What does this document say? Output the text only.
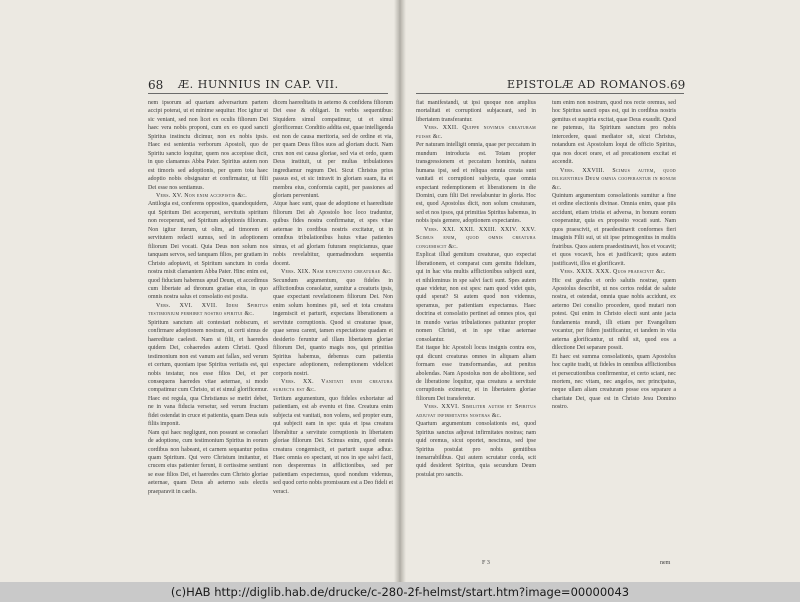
68 Æ. HUNNIUS IN CAP. VII.

nem ipsorum ad quartam adversarium partem accipi poterat, ut et minime sequitur. Hoc igitur ut sic veniant, sed non licet ex oculis filiorum Dei haec vera nobis proponi, cum ex eo quod sancti Spiritus instinctu dicimur, non ex nobis ipsis. Haec est sententia verborum Apostoli, quo de Spiritu sancto loquitur, quem nos accepisse dicit, in quo clamamus Abba Pater. Spiritus autem non est timoris sed adoptionis, per quem tota haec adoptio nobis obsignatur et confirmatur, ut filii Dei esse nos sentiamus.

Vers. XV. Non enim accepistis &c.

Antilogia est, conferens oppositos, quandoquidem, qui Spiritum Dei acceperunt, servitutis spiritum non receperunt, sed Spiritum adoptionis filiorum. Non igitur iterum, ut olim, ad timorem et servitutem redacti sumus, sed in adoptionem filiorum Dei vocati. Quia Deus non solum nos tanquam servos, sed tanquam filios, per gratiam in Christo adoptavit, et Spiritum sanctum in corda nostra misit clamantem Abba Pater. Hinc enim est, quod fiduciam habemus apud Deum, et accedimus cum libertate ad thronum gratiae eius, in quo omnis nostra salus et consolatio est posita.

Vers. XVI. XVII. Idem Spiritus testimonium perhibet nostro spiritui &c.

Spiritum sanctum ait contestari nobiscum, et confirmare adoptionem nostram, ut certi simus de haereditate caelesti. Nam si filii, et haeredes quidem Dei, cohaeredes autem Christi. Quod testimonium non est vanum aut fallax, sed verum et certum, quoniam ipse Spiritus veritatis est, qui nobis testatur, nos esse filios Dei, et per consequens haeredes vitae aeternae, si modo compatimur cum Christo, ut et simul glorificemur. Haec est regula, qua Christianus se metiri debet, ne in vana fiducia versetur, sed verum fructum fidei ostendat in cruce et patientia, quam Deus suis filiis imponit.

Nam qui haec negligunt, non possunt se consolari de adoptione, cum testimonium Spiritus in eorum cordibus non habeant, et carnem sequantur potius quam Spiritum. Qui vero Christum imitantur, et crucem eius patienter ferunt, ii certissime sentiunt se esse filios Dei, et haeredes cum Christo gloriae aeternae, quam Deus ab aeterno suis electis praeparavit in caelis.

dicem haereditatis in aeterno & confidens filiorum Dei esse & obligari. In verbis sequentibus: Siquidem simul compatimur, ut et simul glorificemur. Conditio addita est, quae intelligenda est non de causa meritoria, sed de ordine et via, per quam Deus filios suos ad gloriam ducit. Nam crux non est causa gloriae, sed via et ordo, quem Deus instituit, ut per multas tribulationes ingrediamur regnum Dei. Sicut Christus prius passus est, et sic intravit in gloriam suam, ita et membra eius, conformia capiti, per passiones ad gloriam perveniunt.

Atque haec sunt, quae de adoptione et haereditate filiorum Dei ab Apostolo hoc loco traduntur, quibus fides nostra confirmatur, et spes vitae aeternae in cordibus nostris excitatur, ut in omnibus tribulationibus huius vitae patientes simus, et ad gloriam futuram respiciamus, quae nobis revelabitur, quemadmodum sequentia docent.

Vers. XIX. Nam expectatio creaturae &c.

Secundum argumentum, quo fideles in afflictionibus consolatur, sumitur a creaturis ipsis, quae expectant revelationem filiorum Dei. Non enim solum homines pii, sed et tota creatura ingemiscit et parturit, expectans liberationem a servitute corruptionis. Quod si creaturae ipsae, quae sensu carent, tamen expectatione quadam et desiderio feruntur ad illam libertatem gloriae filiorum Dei, quanto magis nos, qui primitias Spiritus habemus, debemus cum patientia expectare adoptionem, redemptionem videlicet corporis nostri.

Vers. XX. Vanitati enim creatura subjecta est &c.

Tertium argumentum, quo fideles exhortatur ad patientiam, est ab eventu et fine. Creatura enim subjecta est vanitati, non volens, sed propter eum, qui subjecit eam in spe: quia et ipsa creatura liberabitur a servitute corruptionis in libertatem gloriae filiorum Dei. Scimus enim, quod omnis creatura congemiscit, et parturit usque adhuc. Haec omnia eo spectant, ut nos in spe salvi facti, non desperemus in afflictionibus, sed per patientiam expectemus, quod nondum videmus, sed quod certo nobis promissum est a Deo fideli et veraci.

EPISTOLÆ AD ROMANOS. 69

fiat manifestandi, ut ipsi quoque non amplius mortalitati et corruptioni subjaceant, sed in libertatem transferantur.

Vers. XXII. Quippe novimus creaturam fuisse &c.

Per naturam intelligit omnia, quae per peccatum in mundum introducta est. Totam propter transgressionem et peccatum hominis, natura humana ipsi, sed et reliqua omnia creata sunt vanitati et corruptioni subjecta, quae omnia expectant redemptionem et liberationem in die Domini, cum filii Dei revelabuntur in gloria. Hoc est, quod Apostolus dicit, non solum creaturam, sed et nos ipsos, qui primitias Spiritus habemus, in nobis ipsis gemere, adoptionem expectantes.

Vers. XXI. XXII. XXIII. XXIV. XXV. Scimus enim, quod omnis creatura congemiscit &c.

Explicat illud gemitum creaturae, quo expectat liberationem, et comparat cum gemitu fidelium, qui in hac vita multis afflictionibus subjecti sunt, et nihilominus in spe salvi facti sunt. Spes autem quae videtur, non est spes: nam quod videt quis, quid sperat? Si autem quod non videmus, speramus, per patientiam expectamus. Haec doctrina et consolatio pertinet ad omnes pios, qui in mundo varias tribulationes patiuntur propter nomen Christi, et in spe vitae aeternae consolantur.

Est itaque hic Apostoli locus insignis contra eos, qui dicunt creaturas omnes in aliquam aliam formam esse transformandas, aut penitus abolendas. Nam Apostolus non de abolitione, sed de liberatione loquitur, qua creatura a servitute corruptionis eximetur, et in libertatem gloriae filiorum Dei transferetur.

Vers. XXVI. Similiter autem et Spiritus adjuvat infirmitates nostras &c.

Quartum argumentum consolationis est, quod Spiritus sanctus adjuvat infirmitates nostras; nam quid oremus, sicut oportet, nescimus, sed ipse Spiritus postulat pro nobis gemitibus inenarrabilibus. Qui autem scrutatur corda, scit quid desideret Spiritus, quia secundum Deum postulat pro sanctis.

tum enim non nostrum, quod nos recte oremus, sed hoc Spiritus sancti opus est, qui in cordibus nostris gemitus et suspiria excitat, quae Deus exaudit. Quod ne putemus, ita Spiritum sanctum pro nobis intercedere, quasi mediator sit, sicut Christus, notandum est Apostolum loqui de officio Spiritus, qua nos docet orare, et ad precationem excitat et accendit.

Vers. XXVIII. Scimus autem, quod diligentibus Deum omnia cooperantur in bonum &c.

Quintum argumentum consolationis sumitur a fine et ordine electionis divinae. Omnia enim, quae piis accidunt, etiam tristia et adversa, in bonum eorum cooperantur, quia ex proposito vocati sunt. Nam quos praescivit, et praedestinavit conformes fieri imaginis Filii sui, ut sit ipse primogenitus in multis fratribus. Quos autem praedestinavit, hos et vocavit; et quos vocavit, hos et justificavit; quos autem justificavit, illos et glorificavit.

Vers. XXIX. XXX. Quos praescivit &c.

Hic est gradus et ordo salutis nostrae, quem Apostolus describit, ut nos certos reddat de salute nostra, et ostendat, omnia quae nobis accidunt, ex aeterno Dei consilio procedere, quod mutari non potest. Qui enim in Christo electi sunt ante jacta fundamenta mundi, illi etiam per Evangelium vocantur, per fidem justificantur, et tandem in vita aeterna glorificantur, ut nihil sit, quod eos a dilectione Dei separare possit.

Et haec est summa consolationis, quam Apostolus hoc capite tradit, ut fideles in omnibus afflictionibus et persecutionibus confirmentur, et certo sciant, nec mortem, nec vitam, nec angelos, nec principatus, neque ullam aliam creaturam posse eos separare a charitate Dei, quae est in Christo Jesu Domino nostro.

F 3	nem
(c)HAB http://diglib.hab.de/drucke/c-280-2f-helmst/start.htm?image=00000043
